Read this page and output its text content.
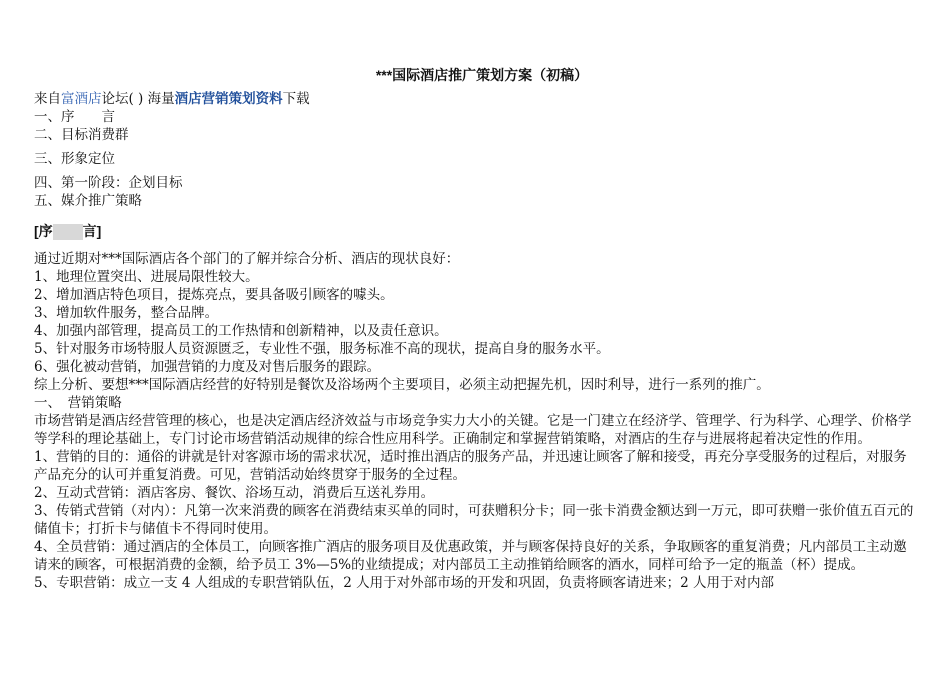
***国际酒店推广策划方案（初稿）
来自富酒店论坛( ) 海量酒店营销策划资料下载
一、序　　言
二、目标消费群
三、形象定位
四、第一阶段：企划目标
五、媒介推广策略
[序 言]
通过近期对***国际酒店各个部门的了解并综合分析、酒店的现状良好：
1、地理位置突出、进展局限性较大。
2、增加酒店特色项目，提炼亮点，要具备吸引顾客的噱头。
3、增加软件服务，整合品牌。
4、加强内部管理，提高员工的工作热情和创新精神，以及责任意识。
5、针对服务市场特服人员资源匮乏，专业性不强，服务标准不高的现状，提高自身的服务水平。
6、强化被动营销，加强营销的力度及对售后服务的跟踪。
综上分析、要想***国际酒店经营的好特别是餐饮及浴场两个主要项目，必须主动把握先机，因时利导，进行一系列的推广。
一、　营销策略
市场营销是酒店经营管理的核心，也是决定酒店经济效益与市场竞争实力大小的关键。它是一门建立在经济学、管理学、行为科学、心理学、价格学等学科的理论基础上，专门讨论市场营销活动规律的综合性应用科学。正确制定和掌握营销策略，对酒店的生存与进展将起着决定性的作用。
1、营销的目的：通俗的讲就是针对客源市场的需求状况，适时推出酒店的服务产品，并迅速让顾客了解和接受，再充分享受服务的过程后，对服务产品充分的认可并重复消费。可见，营销活动始终贯穿于服务的全过程。
2、互动式营销：酒店客房、餐饮、浴场互动，消费后互送礼券用。
3、传销式营销（对内）：凡第一次来消费的顾客在消费结束买单的同时，可获赠积分卡；同一张卡消费金额达到一万元，即可获赠一张价值五百元的储值卡；打折卡与储值卡不得同时使用。
4、全员营销：通过酒店的全体员工，向顾客推广酒店的服务项目及优惠政策，并与顾客保持良好的关系，争取顾客的重复消费；凡内部员工主动邀请来的顾客，可根据消费的金额，给予员工 3%—5%的业绩提成；对内部员工主动推销给顾客的酒水，同样可给予一定的瓶盖（杯）提成。
5、专职营销：成立一支 4 人组成的专职营销队伍，2 人用于对外部市场的开发和巩固，负责将顾客请进来；2 人用于对内部
